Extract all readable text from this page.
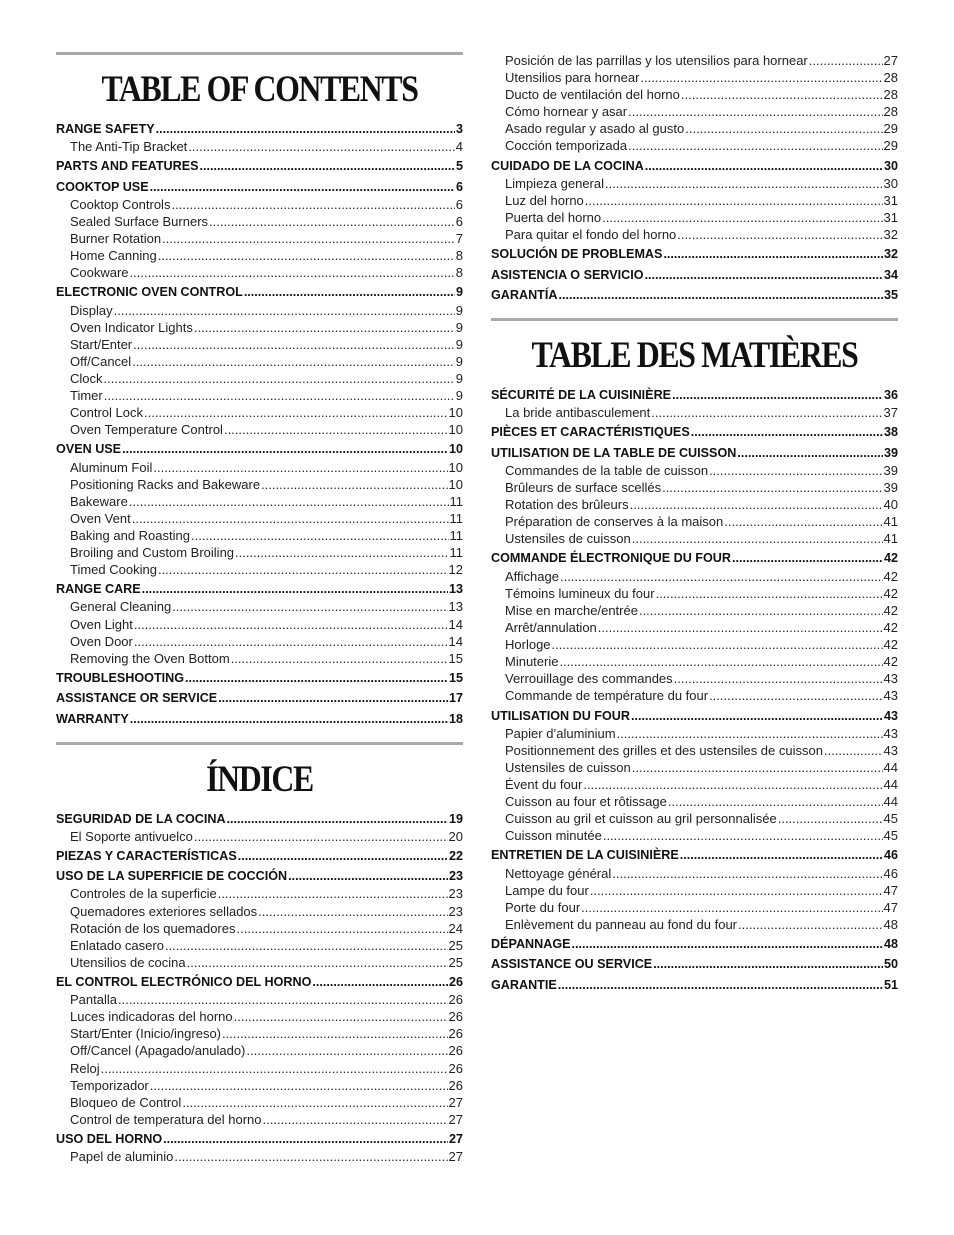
TABLE OF CONTENTS
RANGE SAFETY .....	3
The Anti-Tip Bracket .....	4
PARTS AND FEATURES .....	5
COOKTOP USE .....	6
Cooktop Controls .....	6
Sealed Surface Burners .....	6
Burner Rotation .....	7
Home Canning .....	8
Cookware .....	8
ELECTRONIC OVEN CONTROL .....	9
Display .....	9
Oven Indicator Lights .....	9
Start/Enter .....	9
Off/Cancel .....	9
Clock .....	9
Timer .....	9
Control Lock .....	10
Oven Temperature Control .....	10
OVEN USE .....	10
Aluminum Foil .....	10
Positioning Racks and Bakeware .....	10
Bakeware .....	11
Oven Vent .....	11
Baking and Roasting .....	11
Broiling and Custom Broiling .....	11
Timed Cooking .....	12
RANGE CARE .....	13
General Cleaning .....	13
Oven Light .....	14
Oven Door .....	14
Removing the Oven Bottom .....	15
TROUBLESHOOTING .....	15
ASSISTANCE OR SERVICE .....	17
WARRANTY .....	18
ÍNDICE
SEGURIDAD DE LA COCINA .....	19
El Soporte antivuelco .....	20
PIEZAS Y CARACTERÍSTICAS .....	22
USO DE LA SUPERFICIE DE COCCIÓN .....	23
Controles de la superficie .....	23
Quemadores exteriores sellados .....	23
Rotación de los quemadores .....	24
Enlatado casero .....	25
Utensilios de cocina .....	25
EL CONTROL ELECTRÓNICO DEL HORNO .....	26
Pantalla .....	26
Luces indicadoras del horno .....	26
Start/Enter (Inicio/ingreso) .....	26
Off/Cancel (Apagado/anulado) .....	26
Reloj .....	26
Temporizador .....	26
Bloqueo de Control .....	27
Control de temperatura del horno .....	27
USO DEL HORNO .....	27
Papel de aluminio .....	27
Posición de las parrillas y los utensilios para hornear .....	27
Utensilios para hornear .....	28
Ducto de ventilación del horno .....	28
Cómo hornear y asar .....	28
Asado regular y asado al gusto .....	29
Cocción temporizada .....	29
CUIDADO DE LA COCINA .....	30
Limpieza general .....	30
Luz del horno .....	31
Puerta del horno .....	31
Para quitar el fondo del horno .....	32
SOLUCIÓN DE PROBLEMAS .....	32
ASISTENCIA O SERVICIO .....	34
GARANTÍA .....	35
TABLE DES MATIÈRES
SÉCURITÉ DE LA CUISINIÈRE .....	36
La bride antibasculement .....	37
PIÈCES ET CARACTÉRISTIQUES .....	38
UTILISATION DE LA TABLE DE CUISSON .....	39
Commandes de la table de cuisson .....	39
Brûleurs de surface scellés .....	39
Rotation des brûleurs .....	40
Préparation de conserves à la maison .....	41
Ustensiles de cuisson .....	41
COMMANDE ÉLECTRONIQUE DU FOUR .....	42
Affichage .....	42
Témoins lumineux du four .....	42
Mise en marche/entrée .....	42
Arrêt/annulation .....	42
Horloge .....	42
Minuterie .....	42
Verrouillage des commandes .....	43
Commande de température du four .....	43
UTILISATION DU FOUR .....	43
Papier d’aluminium .....	43
Positionnement des grilles et des ustensiles de cuisson .....	43
Ustensiles de cuisson .....	44
Évent du four .....	44
Cuisson au four et rôtissage .....	44
Cuisson au gril et cuisson au gril personnalisée .....	45
Cuisson minutée .....	45
ENTRETIEN DE LA CUISINIÈRE .....	46
Nettoyage général .....	46
Lampe du four .....	47
Porte du four .....	47
Enlèvement du panneau au fond du four .....	48
DÉPANNAGE .....	48
ASSISTANCE OU SERVICE .....	50
GARANTIE .....	51
